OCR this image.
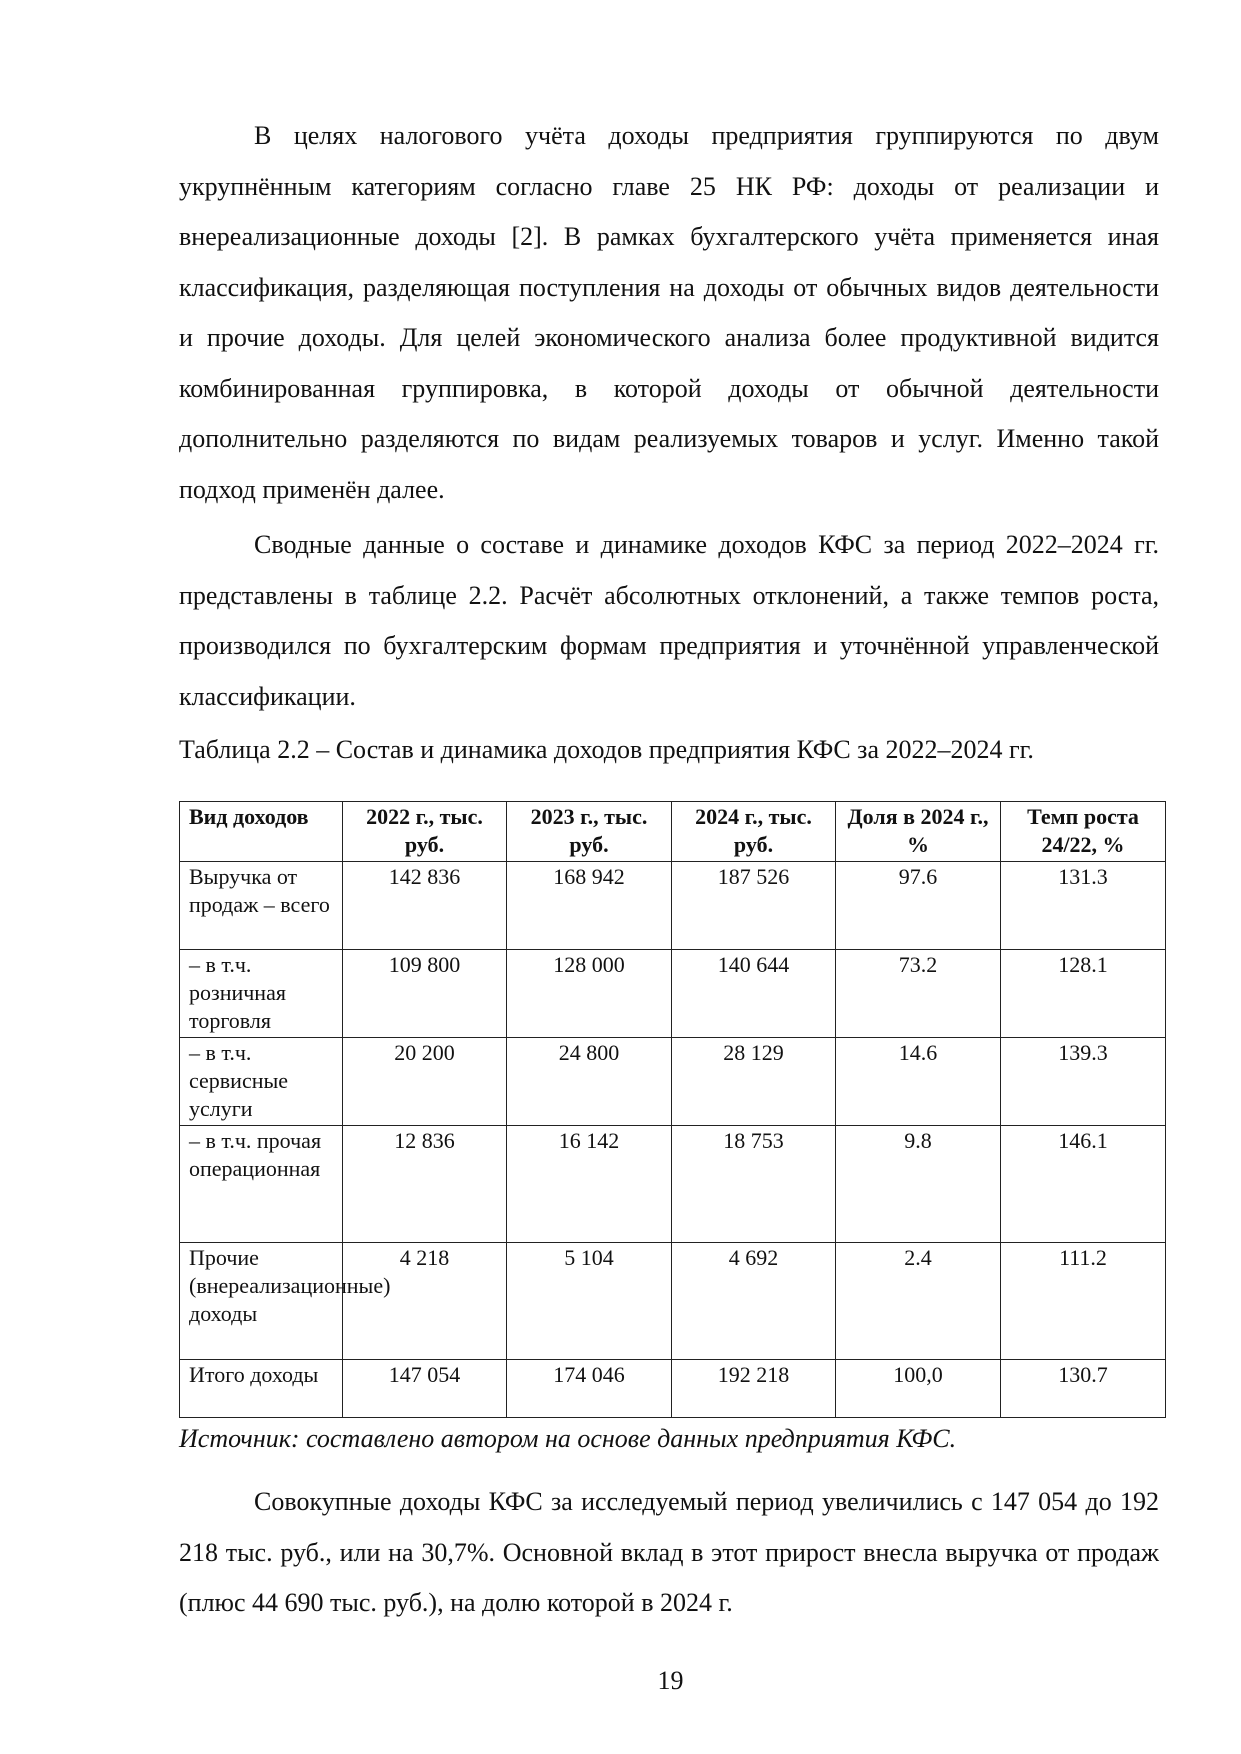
В целях налогового учёта доходы предприятия группируются по двум укрупнённым категориям согласно главе 25 НК РФ: доходы от реализации и внереализационные доходы [2]. В рамках бухгалтерского учёта применяется иная классификация, разделяющая поступления на доходы от обычных видов деятельности и прочие доходы. Для целей экономического анализа более продуктивной видится комбинированная группировка, в которой доходы от обычной деятельности дополнительно разделяются по видам реализуемых товаров и услуг. Именно такой подход применён далее.

Сводные данные о составе и динамике доходов КФС за период 2022–2024 гг. представлены в таблице 2.2. Расчёт абсолютных отклонений, а также темпов роста, производился по бухгалтерским формам предприятия и уточнённой управленческой классификации.

Таблица 2.2 – Состав и динамика доходов предприятия КФС за 2022–2024 гг.

Вид доходов	2022 г., тыс. руб.	2023 г., тыс. руб.	2024 г., тыс. руб.	Доля в 2024 г., %	Темп роста 24/22, %
Выручка от продаж – всего	142 836	168 942	187 526	97.6	131.3
– в т.ч. розничная торговля	109 800	128 000	140 644	73.2	128.1
– в т.ч. сервисные услуги	20 200	24 800	28 129	14.6	139.3
– в т.ч. прочая операционная	12 836	16 142	18 753	9.8	146.1
Прочие (внереализационные) доходы	4 218	5 104	4 692	2.4	111.2
Итого доходы	147 054	174 046	192 218	100,0	130.7

Источник: составлено автором на основе данных предприятия КФС.

Совокупные доходы КФС за исследуемый период увеличились с 147 054 до 192 218 тыс. руб., или на 30,7%. Основной вклад в этот прирост внесла выручка от продаж (плюс 44 690 тыс. руб.), на долю которой в 2024 г.

19
